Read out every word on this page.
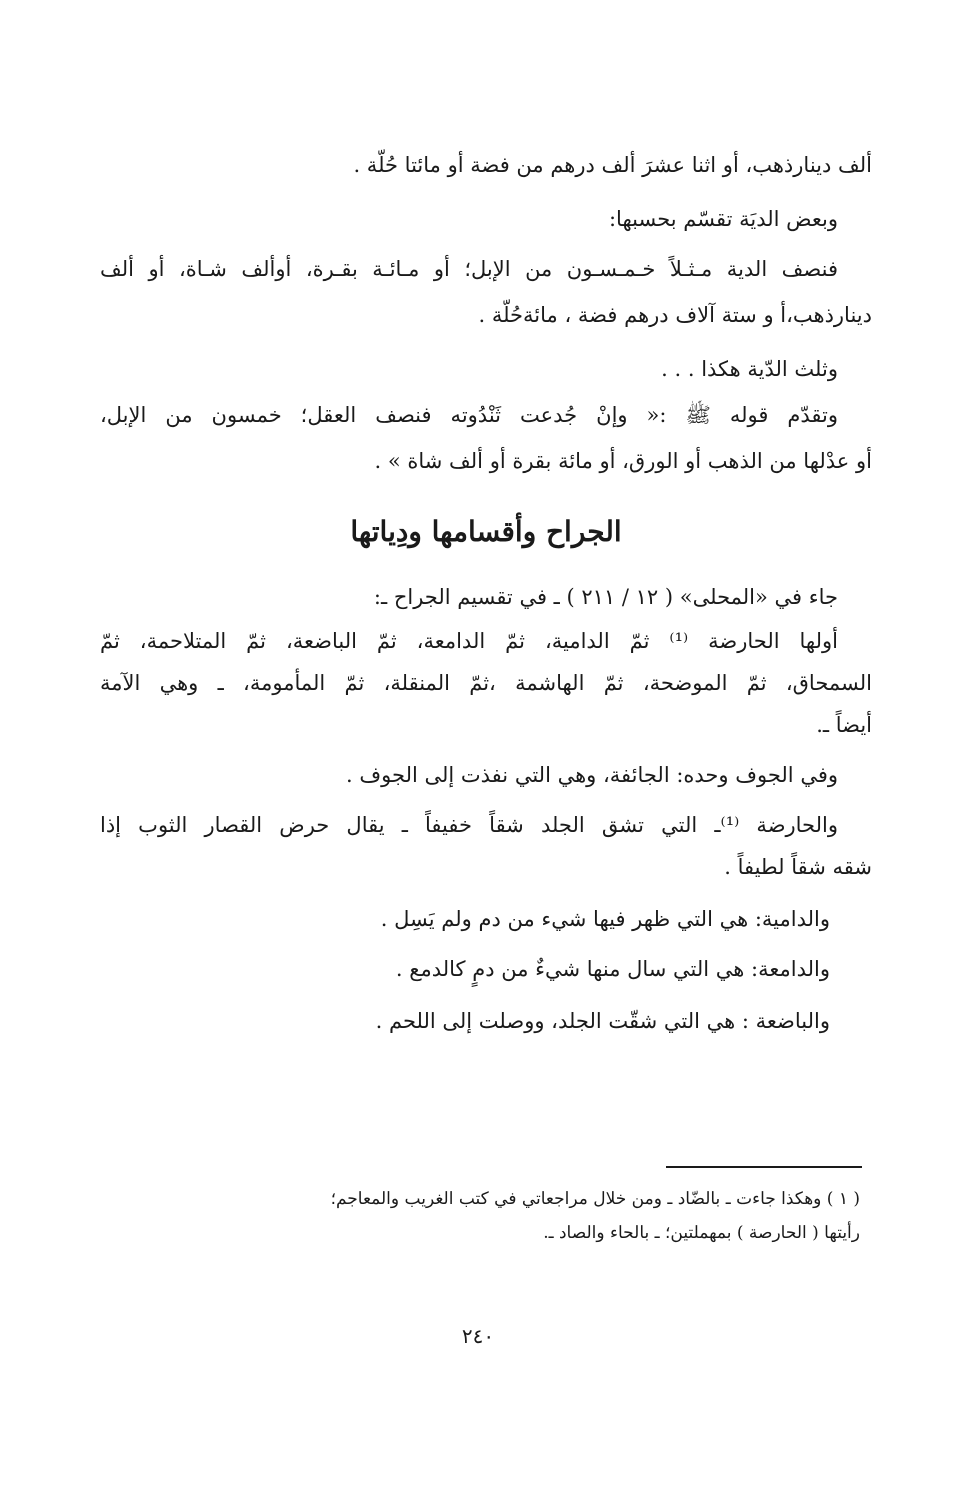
ألف دينارذهب، أو اثنا عشرَ ألف درهم من فضة أو مائتا حُلّة .

وبعض الديَة تقسّم بحسبها:

فنصف الدية مـثـلاً خـمـسـون من الإبل؛ أو مـائـة بقـرة، أوألف شـاة، أو ألف

دينارذهب،أ و ستة آلاف درهم فضة ، مائةحُلّة .

وثلث الدّية هكذا . . .

وتقدّم قوله ﷺ :« وإنْ جُدعت ثَنْدُوته فنصف العقل؛ خمسون من الإبل،

أو عدْلها من الذهب أو الورق، أو مائة بقرة أو ألف شاة » .

الجراح وأقسامها ودِياتها

جاء في «المحلى» ( ١٢ / ٢١١ ) ـ في تقسيم الجراح ـ:

أولها الحارضة ⁽¹⁾ ثمّ الدامية، ثمّ الدامعة، ثمّ الباضعة، ثمّ المتلاحمة، ثمّ

السمحاق، ثمّ الموضحة، ثمّ الهاشمة ،ثمّ المنقلة، ثمّ المأمومة، ـ وهي الآمة

أيضاً ـ.

وفي الجوف وحده: الجائفة، وهي التي نفذت إلى الجوف .

والحارضة ⁽¹⁾ـ التي تشق الجلد شقاً خفيفاً ـ يقال حرض القصار الثوب إذا

شقه شقاً لطيفاً .

والدامية: هي التي ظهر فيها شيء من دم ولم يَسِل .

والدامعة: هي التي سال منها شيءٌ من دمٍ كالدمع .

والباضعة : هي التي شقّت الجلد، ووصلت إلى اللحم .

( ١ ) وهكذا جاءت ـ بالضّاد ـ ومن خلال مراجعاتي في كتب الغريب والمعاجم؛

رأيتها ( الحارصة ) بمهملتين؛ ـ بالحاء والصاد ـ.

٢٤٠
